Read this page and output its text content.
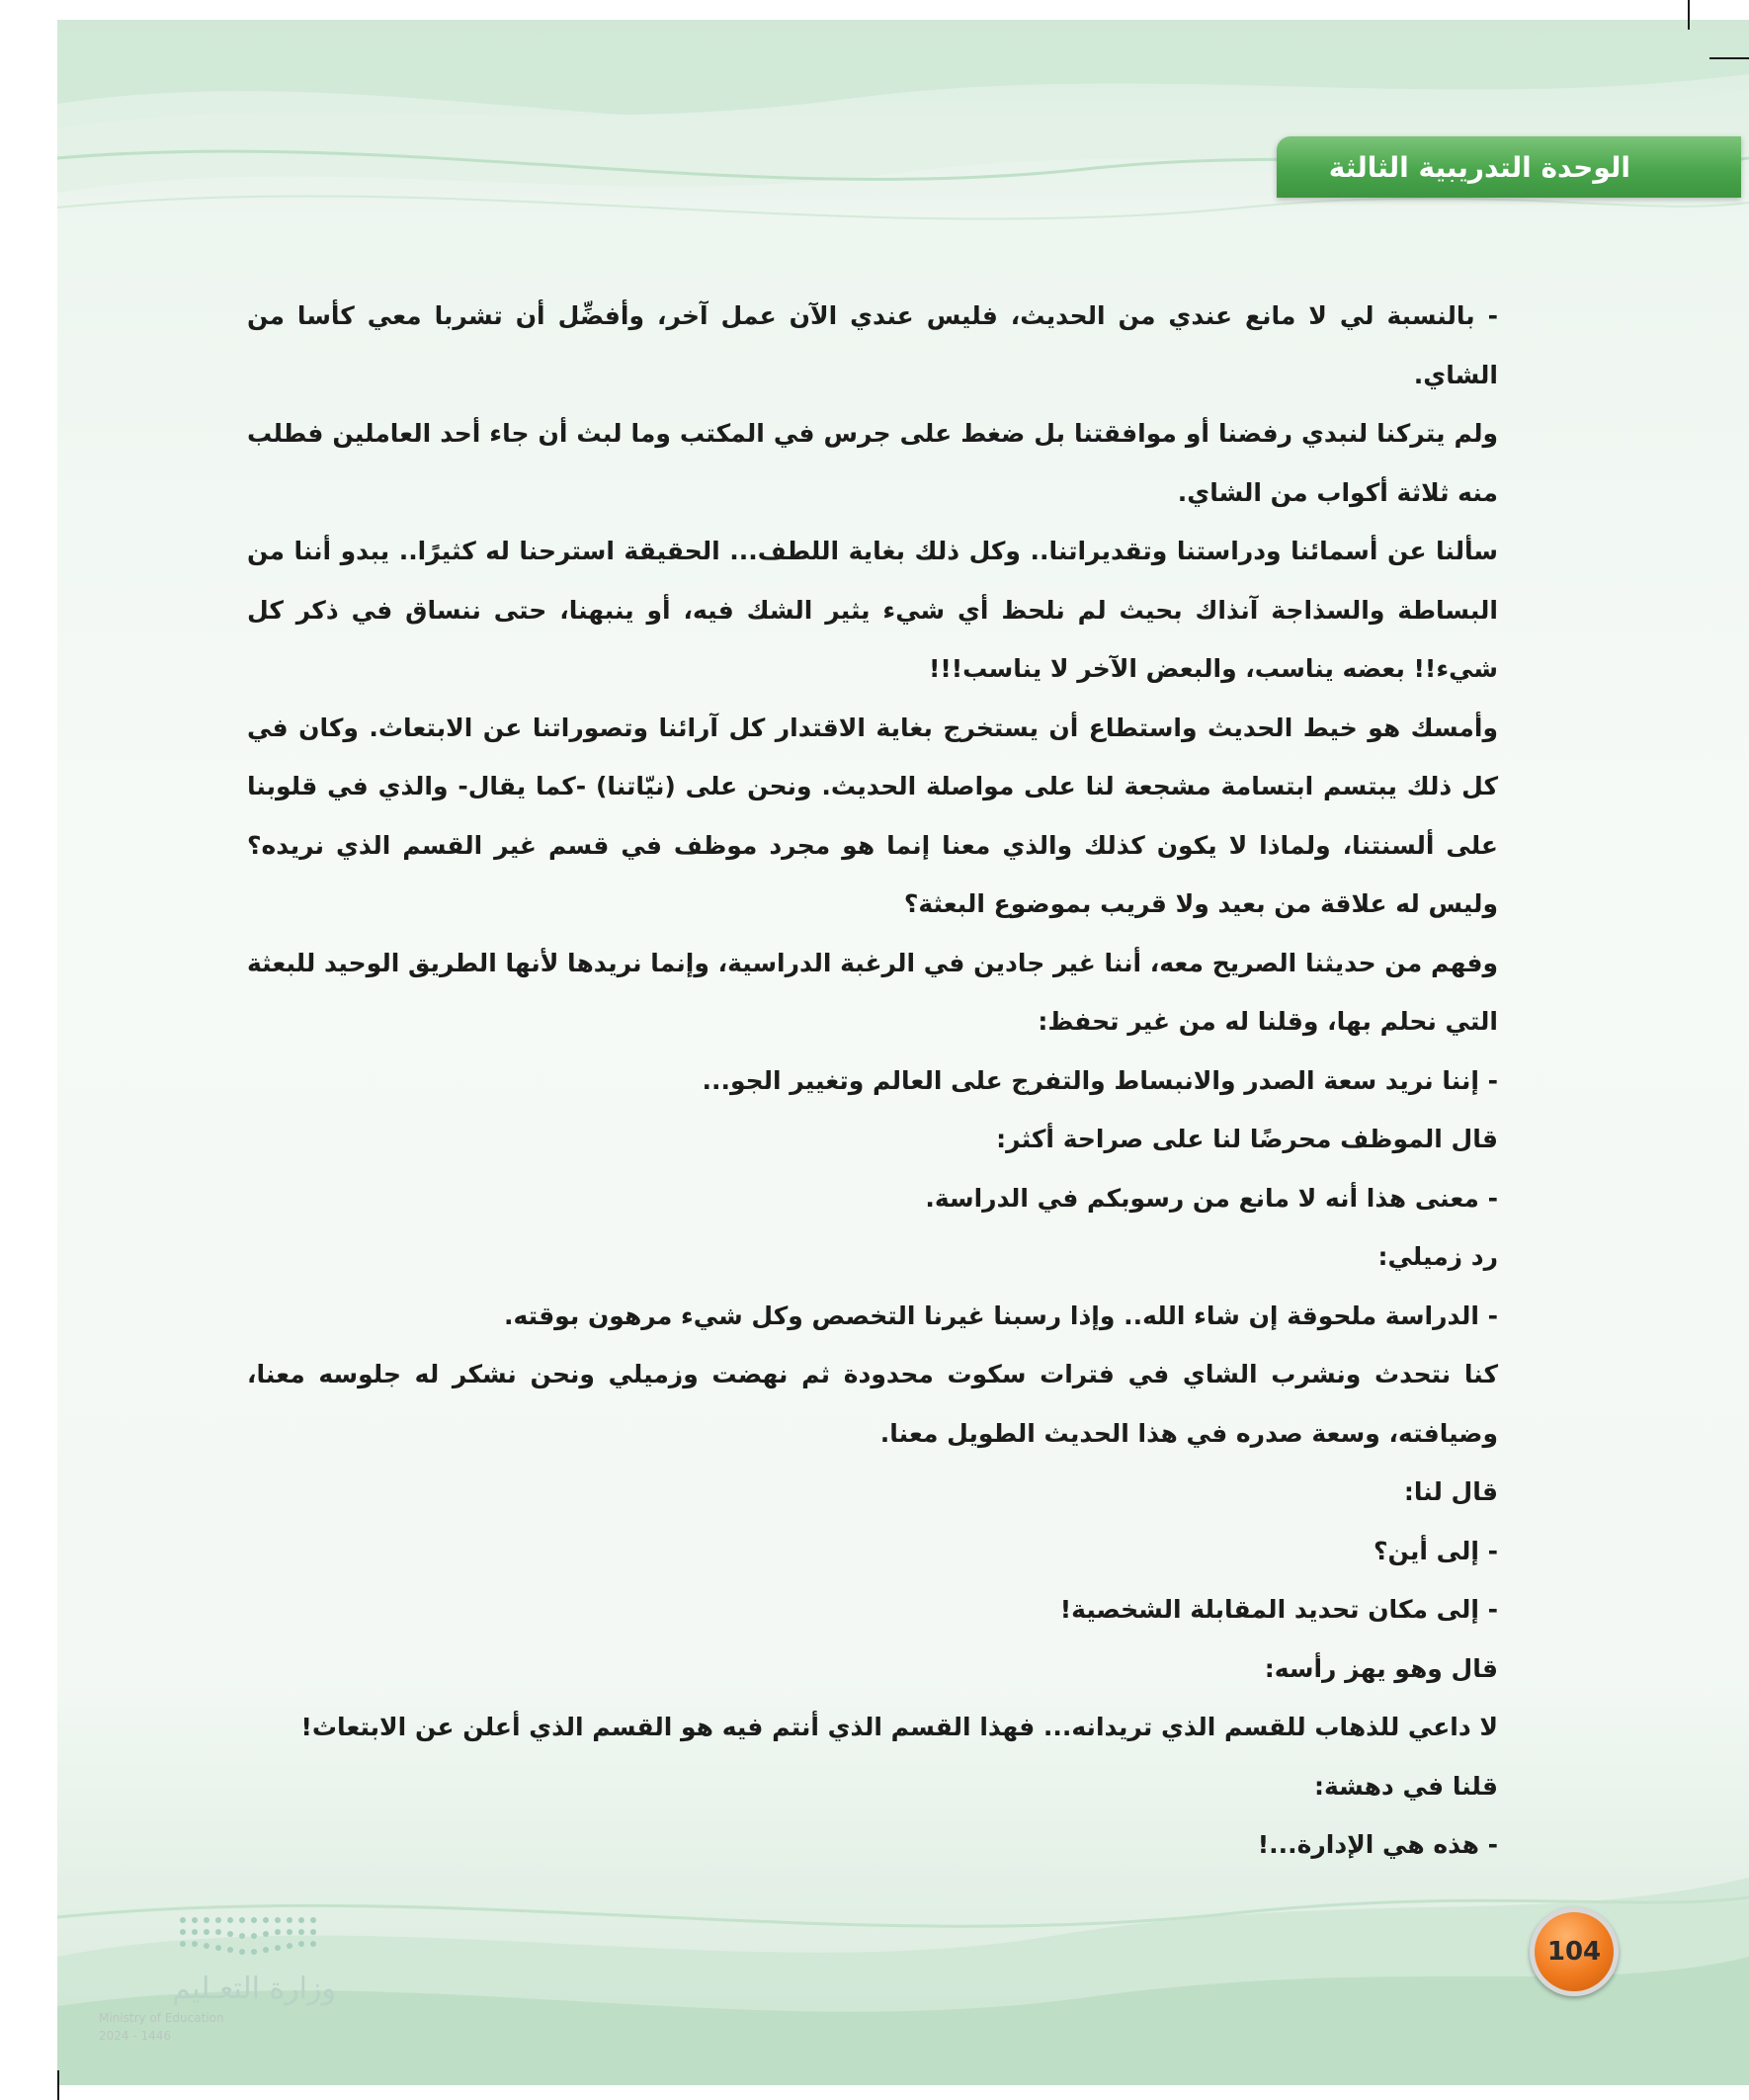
الوحدة التدريبية الثالثة

- بالنسبة لي لا مانع عندي من الحديث، فليس عندي الآن عمل آخر، وأفضِّل أن تشربا معي كأسا من الشاي.

ولم يتركنا لنبدي رفضنا أو موافقتنا بل ضغط على جرس في المكتب وما لبث أن جاء أحد العاملين فطلب منه ثلاثة أكواب من الشاي.

سألنا عن أسمائنا ودراستنا وتقديراتنا.. وكل ذلك بغاية اللطف... الحقيقة استرحنا له كثيرًا.. يبدو أننا من البساطة والسذاجة آنذاك بحيث لم نلحظ أي شيء يثير الشك فيه، أو ينبهنا، حتى ننساق في ذكر كل شيء!! بعضه يناسب، والبعض الآخر لا يناسب!!!

وأمسك هو خيط الحديث واستطاع أن يستخرج بغاية الاقتدار كل آرائنا وتصوراتنا عن الابتعاث. وكان في كل ذلك يبتسم ابتسامة مشجعة لنا على مواصلة الحديث. ونحن على (نيّاتنا) -كما يقال- والذي في قلوبنا على ألسنتنا، ولماذا لا يكون كذلك والذي معنا إنما هو مجرد موظف في قسم غير القسم الذي نريده؟ وليس له علاقة من بعيد ولا قريب بموضوع البعثة؟

وفهم من حديثنا الصريح معه، أننا غير جادين في الرغبة الدراسية، وإنما نريدها لأنها الطريق الوحيد للبعثة التي نحلم بها، وقلنا له من غير تحفظ:

- إننا نريد سعة الصدر والانبساط والتفرج على العالم وتغيير الجو...

قال الموظف محرضًا لنا على صراحة أكثر:

- معنى هذا أنه لا مانع من رسوبكم في الدراسة.

رد زميلي:

- الدراسة ملحوقة إن شاء الله.. وإذا رسبنا غيرنا التخصص وكل شيء مرهون بوقته.

كنا نتحدث ونشرب الشاي في فترات سكوت محدودة ثم نهضت وزميلي ونحن نشكر له جلوسه معنا، وضيافته، وسعة صدره في هذا الحديث الطويل معنا.

قال لنا:

- إلى أين؟

- إلى مكان تحديد المقابلة الشخصية!

قال وهو يهز رأسه:

لا داعي للذهاب للقسم الذي تريدانه... فهذا القسم الذي أنتم فيه هو القسم الذي أعلن عن الابتعاث!

قلنا في دهشة:

- هذه هي الإدارة...!

وزارة التعـليم
Ministry of Education
2024 - 1446
104
